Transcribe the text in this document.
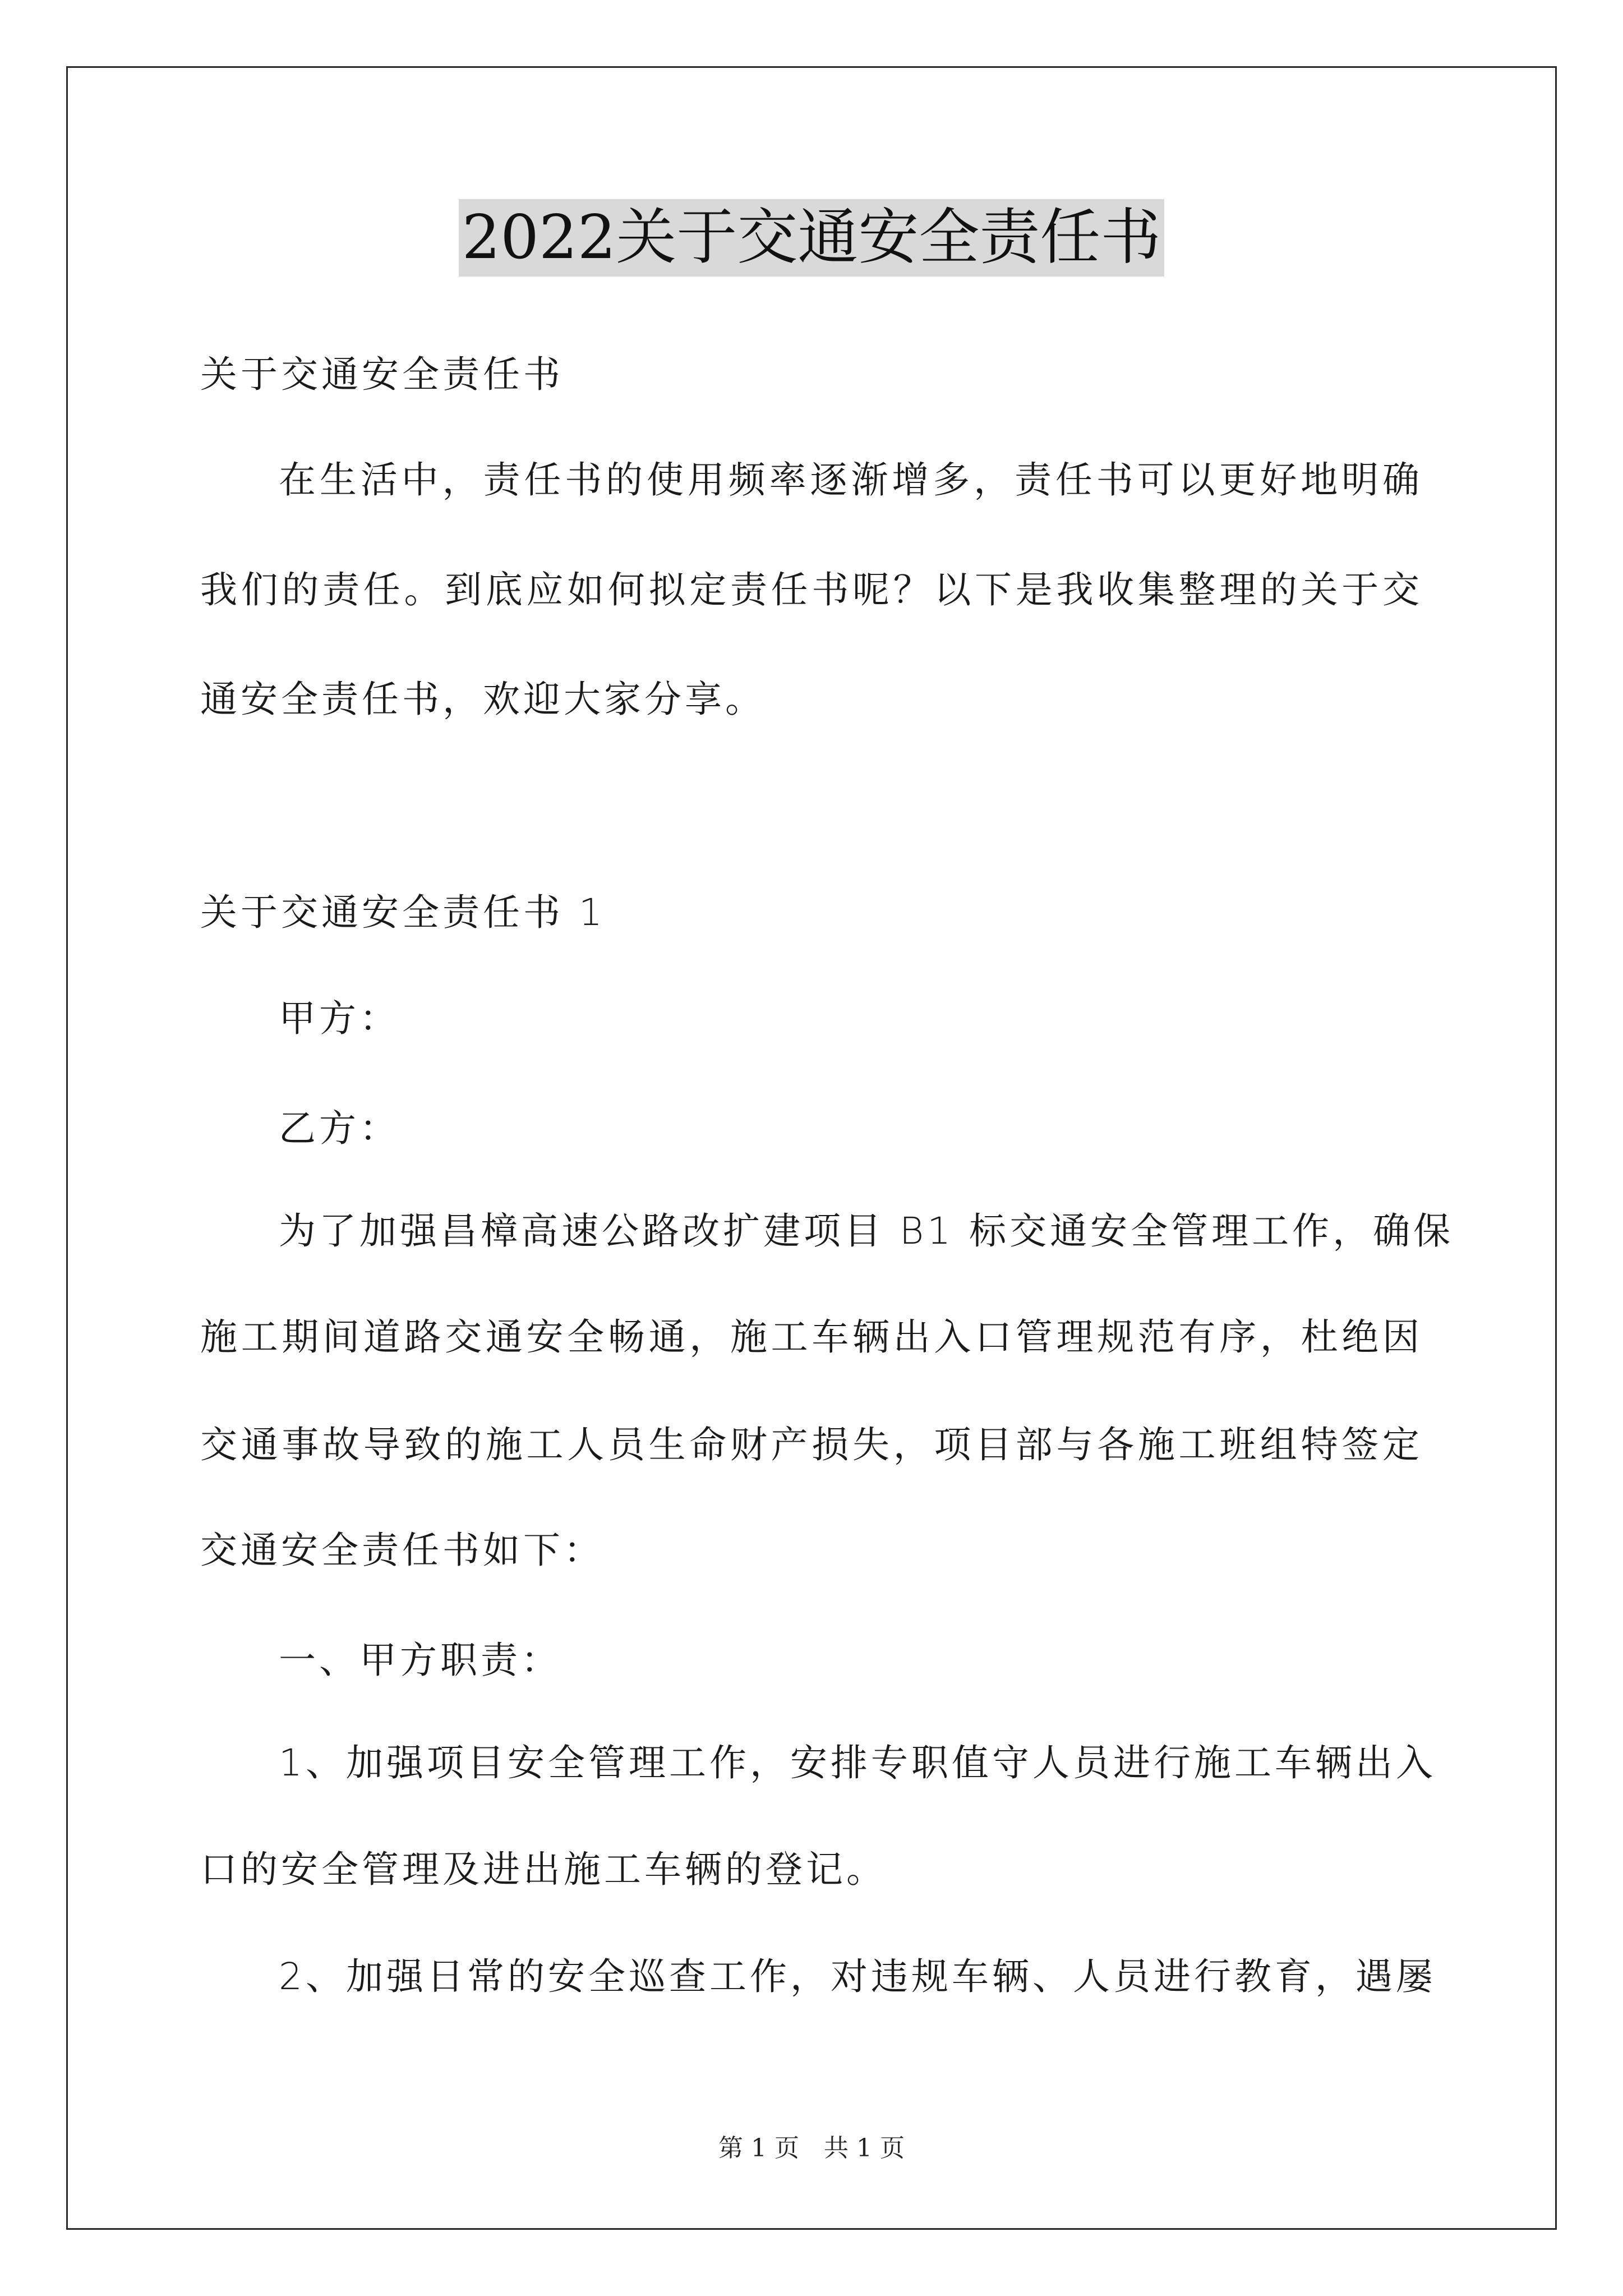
2022关于交通安全责任书
关于交通安全责任书
在生活中，责任书的使用频率逐渐增多，责任书可以更好地明确
我们的责任。到底应如何拟定责任书呢？以下是我收集整理的关于交
通安全责任书，欢迎大家分享。
关于交通安全责任书 1
甲方：
乙方：
为了加强昌樟高速公路改扩建项目 B1 标交通安全管理工作，确保
施工期间道路交通安全畅通，施工车辆出入口管理规范有序，杜绝因
交通事故导致的施工人员生命财产损失，项目部与各施工班组特签定
交通安全责任书如下：
一、甲方职责：
1、加强项目安全管理工作，安排专职值守人员进行施工车辆出入
口的安全管理及进出施工车辆的登记。
2、加强日常的安全巡查工作，对违规车辆、人员进行教育，遇屡
第 1 页　共 1 页
